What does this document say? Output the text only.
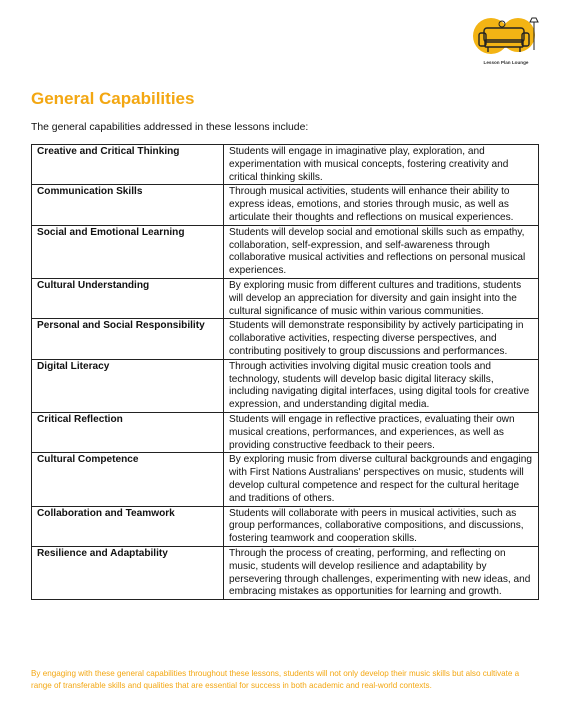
Lesson Plan Lounge
General Capabilities
The general capabilities addressed in these lessons include:
Creative and Critical Thinking	Students will engage in imaginative play, exploration, and experimentation with musical concepts, fostering creativity and critical thinking skills.
Communication Skills	Through musical activities, students will enhance their ability to express ideas, emotions, and stories through music, as well as articulate their thoughts and reflections on musical experiences.
Social and Emotional Learning	Students will develop social and emotional skills such as empathy, collaboration, self-expression, and self-awareness through collaborative musical activities and reflections on personal musical experiences.
Cultural Understanding	By exploring music from different cultures and traditions, students will develop an appreciation for diversity and gain insight into the cultural significance of music within various communities.
Personal and Social Responsibility	Students will demonstrate responsibility by actively participating in collaborative activities, respecting diverse perspectives, and contributing positively to group discussions and performances.
Digital Literacy	Through activities involving digital music creation tools and technology, students will develop basic digital literacy skills, including navigating digital interfaces, using digital tools for creative expression, and understanding digital media.
Critical Reflection	Students will engage in reflective practices, evaluating their own musical creations, performances, and experiences, as well as providing constructive feedback to their peers.
Cultural Competence	By exploring music from diverse cultural backgrounds and engaging with First Nations Australians' perspectives on music, students will develop cultural competence and respect for the cultural heritage and traditions of others.
Collaboration and Teamwork	Students will collaborate with peers in musical activities, such as group performances, collaborative compositions, and discussions, fostering teamwork and cooperation skills.
Resilience and Adaptability	Through the process of creating, performing, and reflecting on music, students will develop resilience and adaptability by persevering through challenges, experimenting with new ideas, and embracing mistakes as opportunities for learning and growth.
By engaging with these general capabilities throughout these lessons, students will not only develop their music skills but also cultivate a range of transferable skills and qualities that are essential for success in both academic and real-world contexts.
